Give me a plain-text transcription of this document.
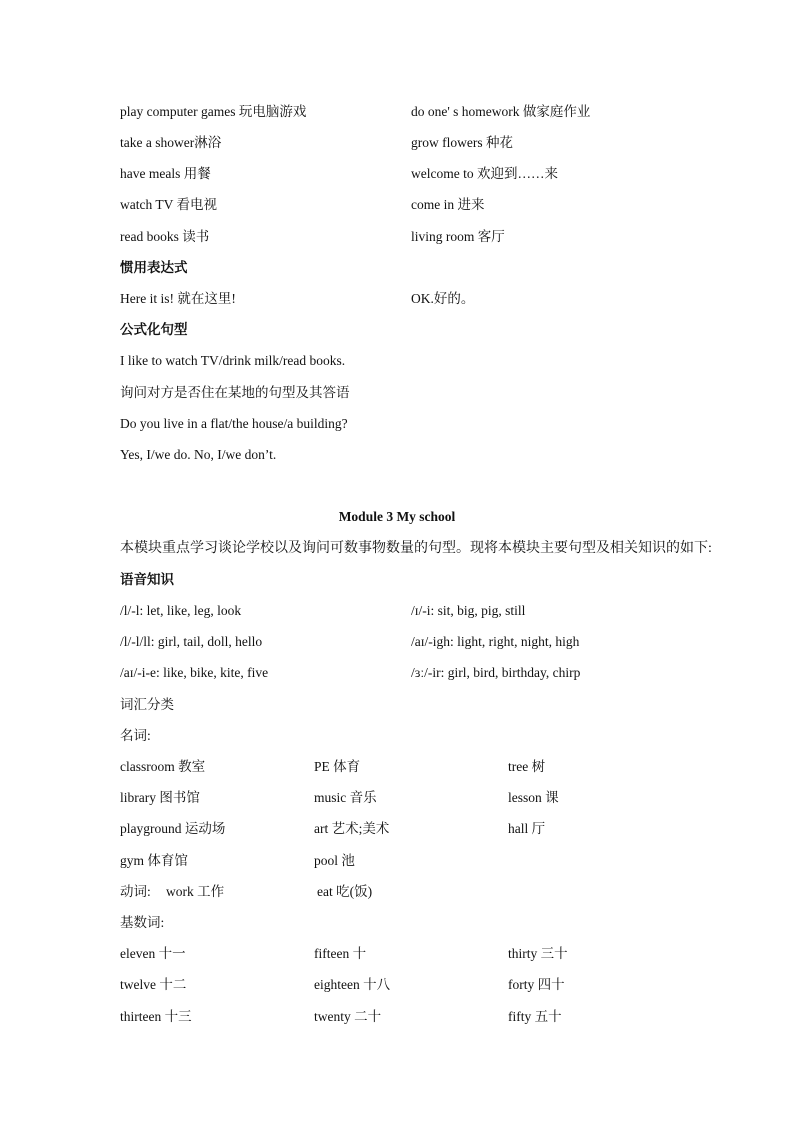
play computer games 玩电脑游戏	do one' s homework 做家庭作业
take a shower淋浴	grow flowers 种花
have meals 用餐	welcome to 欢迎到……来
watch TV 看电视	come in 进来
read books 读书	living room 客厅
惯用表达式
Here it is! 就在这里!	OK.好的。
公式化句型
I like to watch TV/drink milk/read books.
询问对方是否住在某地的句型及其答语
Do you live in a flat/the house/a building?
Yes, I/we do. No, I/we don’t.
Module 3 My school
本模块重点学习谈论学校以及询问可数事物数量的句型。现将本模块主要句型及相关知识的如下:
语音知识
/l/-l: let, like, leg, look	/ɪ/-i: sit, big, pig, still
/l/-l/ll: girl, tail, doll, hello	/aɪ/-igh: light, right, night, high
/aɪ/-i-e: like, bike, kite, five	/ɜː/-ir: girl, bird, birthday, chirp
词汇分类
名词:
classroom 教室	PE 体育	tree 树
library 图书馆	music 音乐	lesson 课
playground 运动场	art 艺术;美术	hall 厅
gym 体育馆	pool 池
动词: work 工作	eat 吃(饭)
基数词:
eleven 十一	fifteen 十	thirty 三十
twelve 十二	eighteen 十八	forty 四十
thirteen 十三	twenty 二十	fifty 五十
